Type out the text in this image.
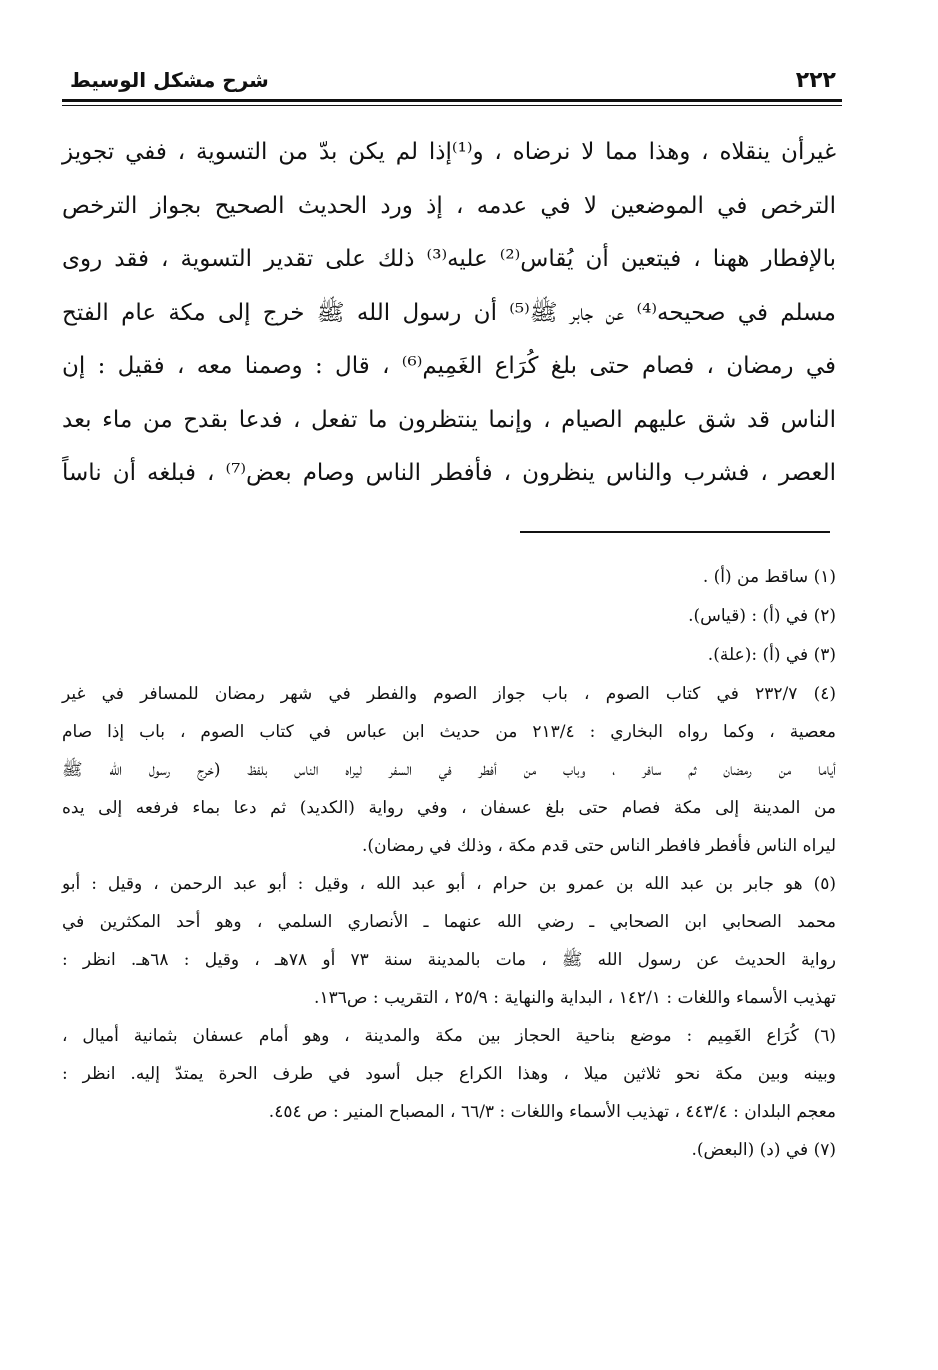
٢٢٢
شرح مشكل الوسيط
غيرأن ينقلاه ، وهذا مما لا نرضاه ، و⁽¹⁾إذا لم يكن بدّ من التسوية ، ففي تجويز
الترخص في الموضعين لا في عدمه ، إذ ورد الحديث الصحيح بجواز الترخص
بالإفطار ههنا ، فيتعين أن يُقاس⁽²⁾ عليه⁽³⁾ ذلك على تقدير التسوية ، فقد روى
مسلم في صحيحه⁽⁴⁾ عن جابر ﷺ⁽⁵⁾ أن رسول الله ﷺ خرج إلى مكة عام الفتح
في رمضان ، فصام حتى بلغ كُرَاع الغَمِيم⁽⁶⁾ ، قال : وصمنا معه ، فقيل : إن
الناس قد شق عليهم الصيام ، وإنما ينتظرون ما تفعل ، فدعا بقدح من ماء بعد
العصر ، فشرب والناس ينظرون ، فأفطر الناس وصام بعض⁽⁷⁾ ، فبلغه أن ناساً
(١) ساقط من (أ) .
(٢) في (أ) : (قياس).
(٣) في (أ) :(علة).
(٤) ٢٣٢/٧ في كتاب الصوم ، باب جواز الصوم والفطر في شهر رمضان للمسافر في غير
معصية ، وكما رواه البخاري : ٢١٣/٤ من حديث ابن عباس في كتاب الصوم ، باب إذا صام
أياما من رمضان ثم سافر ، وباب من أفطر في السفر ليراه الناس بلفظ (خرج رسول الله ﷺ
من المدينة إلى مكة فصام حتى بلغ عسفان ، وفي رواية (الكديد) ثم دعا بماء فرفعه إلى يده
ليراه الناس فأفطر فافطر الناس حتى قدم مكة ، وذلك في رمضان).
(٥) هو جابر بن عبد الله بن عمرو بن حرام ، أبو عبد الله ، وقيل : أبو عبد الرحمن ، وقيل : أبو
محمد الصحابي ابن الصحابي ـ رضي الله عنهما ـ الأنصاري السلمي ، وهو أحد المكثرين في
رواية الحديث عن رسول الله ﷺ ، مات بالمدينة سنة ٧٣ أو ٧٨هـ ، وقيل : ٦٨هـ. انظر :
تهذيب الأسماء واللغات : ١٤٢/١ ، البداية والنهاية : ٢٥/٩ ، التقريب : ص١٣٦.
(٦) كُرَاع الغَمِيم : موضع بناحية الحجاز بين مكة والمدينة ، وهو أمام عسفان بثمانية أميال ،
وبينه وبين مكة نحو ثلاثين ميلا ، وهذا الكراع جبل أسود في طرف الحرة يمتدّ إليه. انظر :
معجم البلدان : ٤٤٣/٤ ، تهذيب الأسماء واللغات : ٦٦/٣ ، المصباح المنير : ص ٤٥٤.
(٧) في (د) (البعض).
